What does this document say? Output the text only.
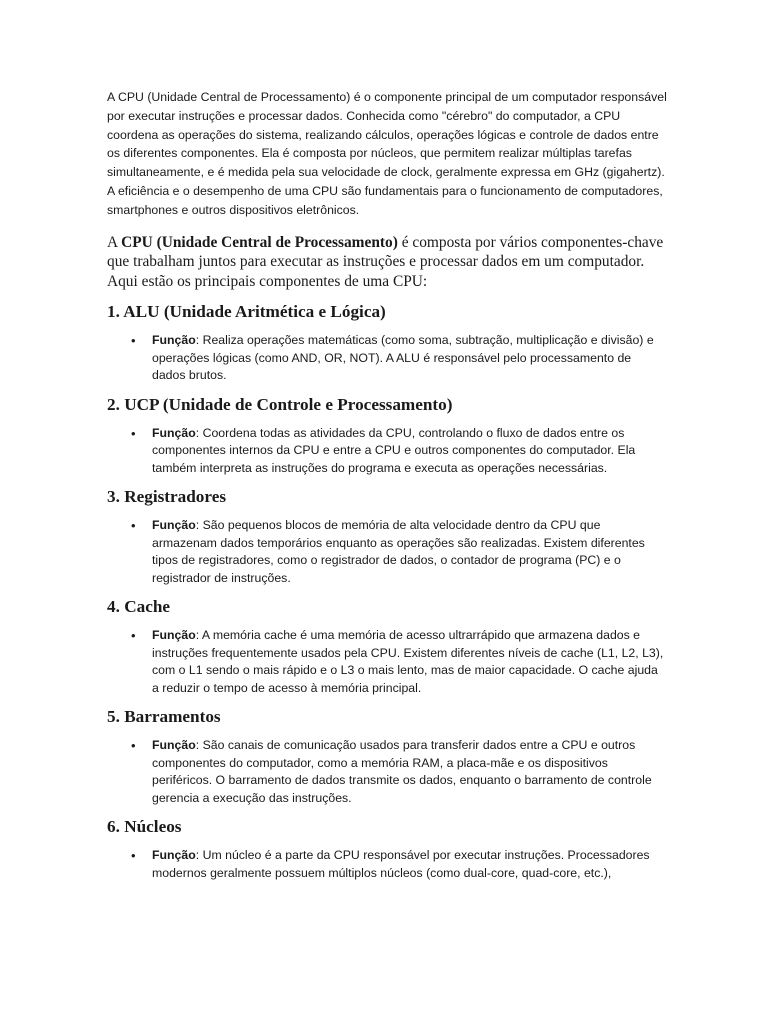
A CPU (Unidade Central de Processamento) é o componente principal de um computador responsável por executar instruções e processar dados. Conhecida como "cérebro" do computador, a CPU coordena as operações do sistema, realizando cálculos, operações lógicas e controle de dados entre os diferentes componentes. Ela é composta por núcleos, que permitem realizar múltiplas tarefas simultaneamente, e é medida pela sua velocidade de clock, geralmente expressa em GHz (gigahertz). A eficiência e o desempenho de uma CPU são fundamentais para o funcionamento de computadores, smartphones e outros dispositivos eletrônicos.

A CPU (Unidade Central de Processamento) é composta por vários componentes-chave que trabalham juntos para executar as instruções e processar dados em um computador. Aqui estão os principais componentes de uma CPU:

1. ALU (Unidade Aritmética e Lógica)
• Função: Realiza operações matemáticas (como soma, subtração, multiplicação e divisão) e operações lógicas (como AND, OR, NOT). A ALU é responsável pelo processamento de dados brutos.
2. UCP (Unidade de Controle e Processamento)
• Função: Coordena todas as atividades da CPU, controlando o fluxo de dados entre os componentes internos da CPU e entre a CPU e outros componentes do computador. Ela também interpreta as instruções do programa e executa as operações necessárias.
3. Registradores
• Função: São pequenos blocos de memória de alta velocidade dentro da CPU que armazenam dados temporários enquanto as operações são realizadas. Existem diferentes tipos de registradores, como o registrador de dados, o contador de programa (PC) e o registrador de instruções.
4. Cache
• Função: A memória cache é uma memória de acesso ultrarrápido que armazena dados e instruções frequentemente usados pela CPU. Existem diferentes níveis de cache (L1, L2, L3), com o L1 sendo o mais rápido e o L3 o mais lento, mas de maior capacidade. O cache ajuda a reduzir o tempo de acesso à memória principal.
5. Barramentos
• Função: São canais de comunicação usados para transferir dados entre a CPU e outros componentes do computador, como a memória RAM, a placa-mãe e os dispositivos periféricos. O barramento de dados transmite os dados, enquanto o barramento de controle gerencia a execução das instruções.
6. Núcleos
• Função: Um núcleo é a parte da CPU responsável por executar instruções. Processadores modernos geralmente possuem múltiplos núcleos (como dual-core, quad-core, etc.),
